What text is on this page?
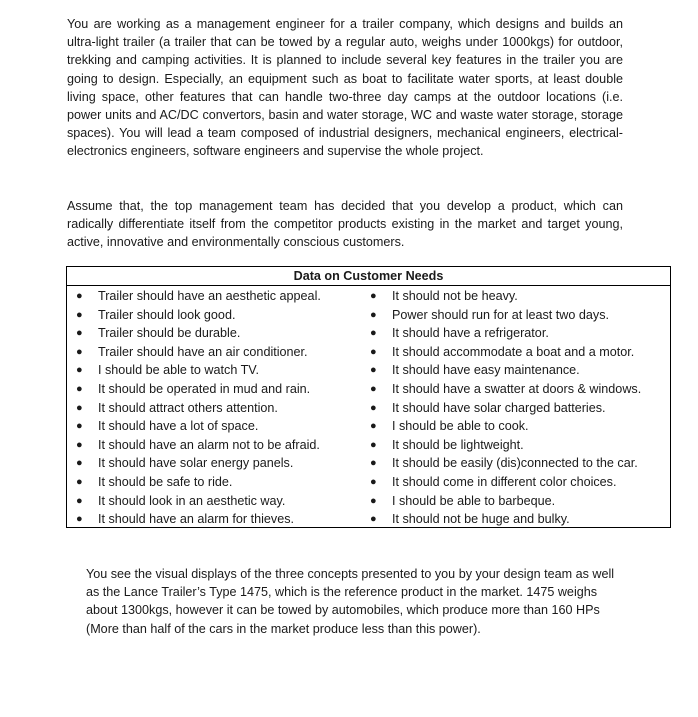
You are working as a management engineer for a trailer company, which designs and builds an ultra-light trailer (a trailer that can be towed by a regular auto, weighs under 1000kgs) for outdoor, trekking and camping activities. It is planned to include several key features in the trailer you are going to design. Especially, an equipment such as boat to facilitate water sports, at least double living space, other features that can handle two-three day camps at the outdoor locations (i.e. power units and AC/DC convertors, basin and water storage, WC and waste water storage, storage spaces). You will lead a team composed of industrial designers, mechanical engineers, electrical-electronics engineers, software engineers and supervise the whole project.

Assume that, the top management team has decided that you develop a product, which can radically differentiate itself from the competitor products existing in the market and target young, active, innovative and environmentally conscious customers.

Data on Customer Needs
● Trailer should have an aesthetic appeal.
● Trailer should look good.
● Trailer should be durable.
● Trailer should have an air conditioner.
● I should be able to watch TV.
● It should be operated in mud and rain.
● It should attract others attention.
● It should have a lot of space.
● It should have an alarm not to be afraid.
● It should have solar energy panels.
● It should be safe to ride.
● It should look in an aesthetic way.
● It should have an alarm for thieves.
● It should not be heavy.
● Power should run for at least two days.
● It should have a refrigerator.
● It should accommodate a boat and a motor.
● It should have easy maintenance.
● It should have a swatter at doors & windows.
● It should have solar charged batteries.
● I should be able to cook.
● It should be lightweight.
● It should be easily (dis)connected to the car.
● It should come in different color choices.
● I should be able to barbeque.
● It should not be huge and bulky.

You see the visual displays of the three concepts presented to you by your design team as well as the Lance Trailer’s Type 1475, which is the reference product in the market. 1475 weighs about 1300kgs, however it can be towed by automobiles, which produce more than 160 HPs (More than half of the cars in the market produce less than this power).
